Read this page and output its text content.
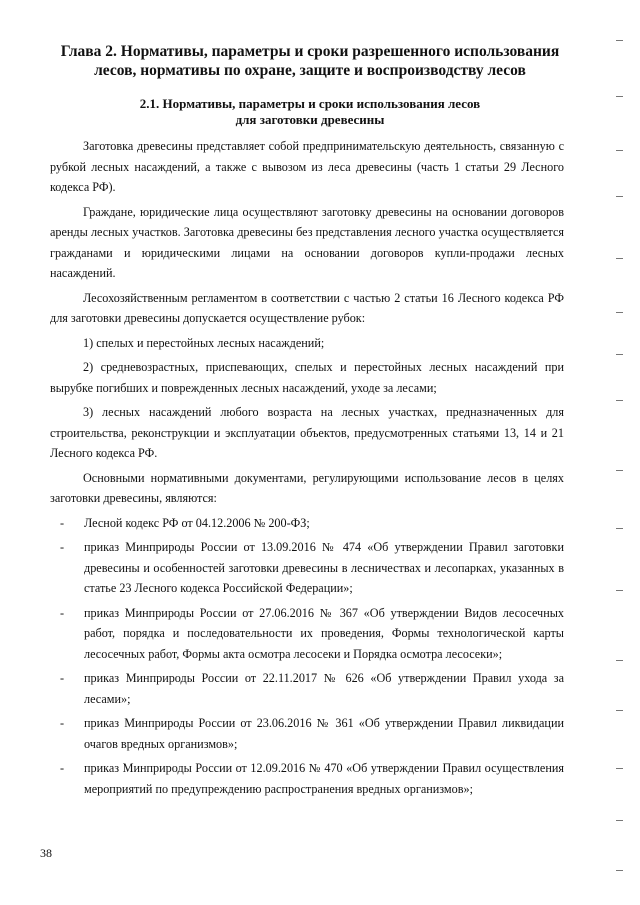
Глава 2. Нормативы, параметры и сроки разрешенного использования
лесов, нормативы по охране, защите и воспроизводству лесов
2.1. Нормативы, параметры и сроки использования лесов
для заготовки древесины

Заготовка древесины представляет собой предпринимательскую деятельность, связанную с рубкой лесных насаждений, а также с вывозом из леса древесины (часть 1 статьи 29 Лесного кодекса РФ).

Граждане, юридические лица осуществляют заготовку древесины на основании договоров аренды лесных участков. Заготовка древесины без представления лесного участка осуществляется гражданами и юридическими лицами на основании договоров купли-продажи лесных насаждений.

Лесохозяйственным регламентом в соответствии с частью 2 статьи 16 Лесного кодекса РФ для заготовки древесины допускается осуществление рубок:

1) спелых и перестойных лесных насаждений;

2) средневозрастных, приспевающих, спелых и перестойных лесных насаждений при вырубке погибших и поврежденных лесных насаждений, уходе за лесами;

3) лесных насаждений любого возраста на лесных участках, предназначенных для строительства, реконструкции и эксплуатации объектов, предусмотренных статьями 13, 14 и 21 Лесного кодекса РФ.

Основными нормативными документами, регулирующими использование лесов в целях заготовки древесины, являются:

- Лесной кодекс РФ от 04.12.2006 № 200-ФЗ;
- приказ Минприроды России от 13.09.2016 № 474 «Об утверждении Правил заготовки древесины и особенностей заготовки древесины в лесничествах и лесопарках, указанных в статье 23 Лесного кодекса Российской Федерации»;
- приказ Минприроды России от 27.06.2016 № 367 «Об утверждении Видов лесосечных работ, порядка и последовательности их проведения, Формы технологической карты лесосечных работ, Формы акта осмотра лесосеки и Порядка осмотра лесосеки»;
- приказ Минприроды России от 22.11.2017 № 626 «Об утверждении Правил ухода за лесами»;
- приказ Минприроды России от 23.06.2016 № 361 «Об утверждении Правил ликвидации очагов вредных организмов»;
- приказ Минприроды России от 12.09.2016 № 470 «Об утверждении Правил осуществления мероприятий по предупреждению распространения вредных организмов»;
38
